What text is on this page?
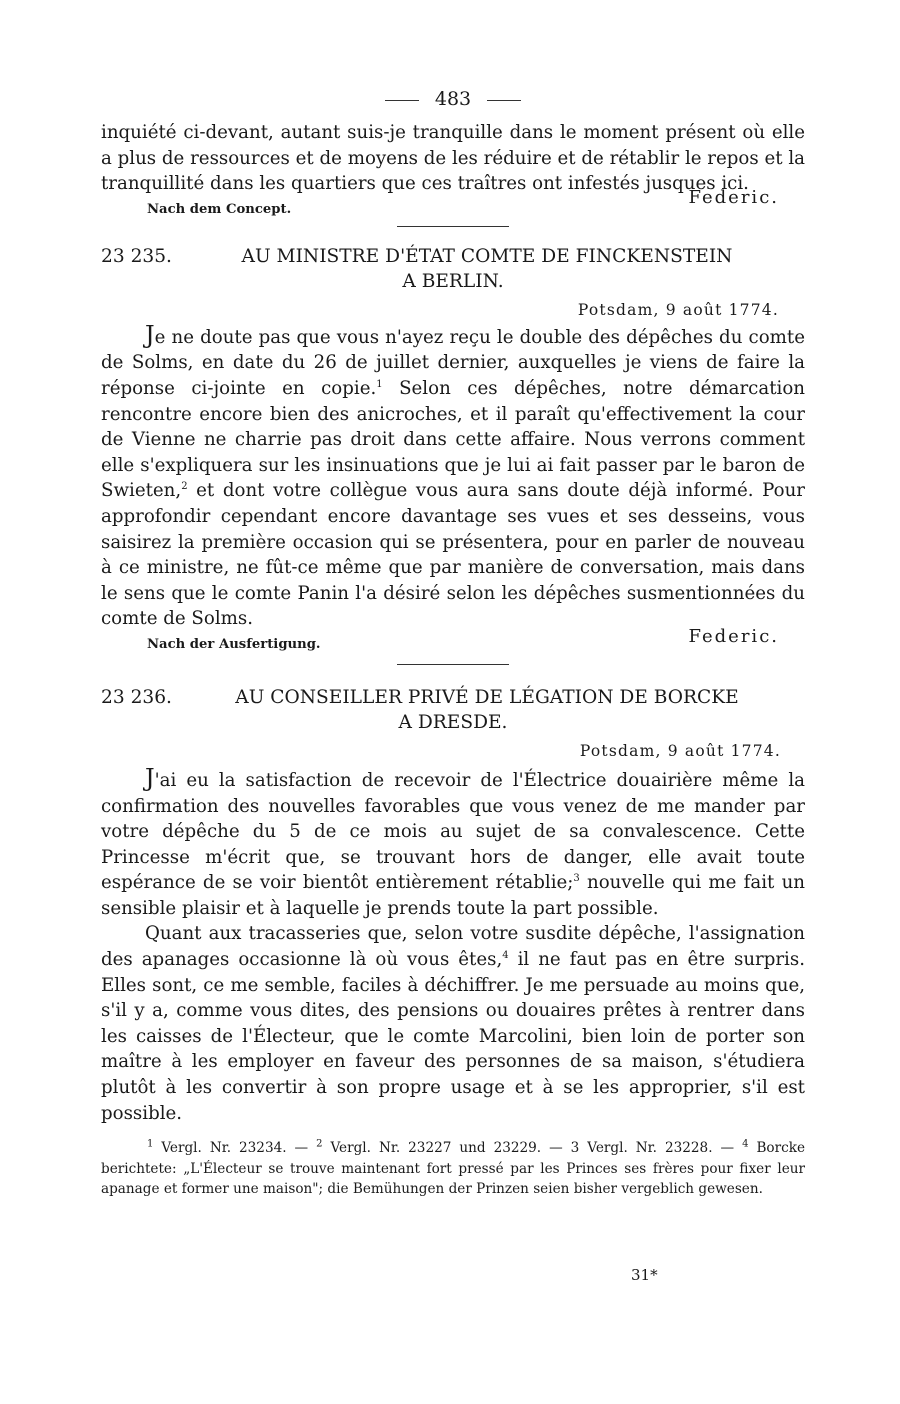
483

inquiété ci-devant, autant suis-je tranquille dans le moment présent où elle a plus de ressources et de moyens de les réduire et de rétablir le repos et la tranquillité dans les quartiers que ces traîtres ont infestés jusques ici.

Nach dem Concept.
Federic.
23 235.	AU MINISTRE D'ÉTAT COMTE DE FINCKENSTEIN
A BERLIN.
Potsdam, 9 août 1774.

Je ne doute pas que vous n'ayez reçu le double des dépêches du comte de Solms, en date du 26 de juillet dernier, auxquelles je viens de faire la réponse ci-jointe en copie.$^1$ Selon ces dépêches, notre démarcation rencontre encore bien des anicroches, et il paraît qu'effectivement la cour de Vienne ne charrie pas droit dans cette affaire. Nous verrons comment elle s'expliquera sur les insinuations que je lui ai fait passer par le baron de Swieten,$^2$ et dont votre collègue vous aura sans doute déjà informé. Pour approfondir cependant encore davantage ses vues et ses desseins, vous saisirez la première occasion qui se présentera, pour en parler de nouveau à ce ministre, ne fût-ce même que par manière de conversation, mais dans le sens que le comte Panin l'a désiré selon les dépêches susmentionnées du comte de Solms.

Nach der Ausfertigung.	Federic.
23 236.	AU CONSEILLER PRIVÉ DE LÉGATION DE BORCKE
A DRESDE.
Potsdam, 9 août 1774.

J'ai eu la satisfaction de recevoir de l'Électrice douairière même la confirmation des nouvelles favorables que vous venez de me mander par votre dépêche du 5 de ce mois au sujet de sa convalescence. Cette Princesse m'écrit que, se trouvant hors de danger, elle avait toute espérance de se voir bientôt entièrement rétablie;$^3$ nouvelle qui me fait un sensible plaisir et à laquelle je prends toute la part possible.

Quant aux tracasseries que, selon votre susdite dépêche, l'assignation des apanages occasionne là où vous êtes,$^4$ il ne faut pas en être surpris. Elles sont, ce me semble, faciles à déchiffrer. Je me persuade au moins que, s'il y a, comme vous dites, des pensions ou douaires prêtes à rentrer dans les caisses de l'Électeur, que le comte Marcolini, bien loin de porter son maître à les employer en faveur des personnes de sa maison, s'étudiera plutôt à les convertir à son propre usage et à se les approprier, s'il est possible.

$^1$ Vergl. Nr. 23234. — $^2$ Vergl. Nr. 23227 und 23229. — 3 Vergl. Nr. 23228. — $^4$ Borcke berichtete: „L'Électeur se trouve maintenant fort pressé par les Princes ses frères pour fixer leur apanage et former une maison"; die Bemühungen der Prinzen seien bisher vergeblich gewesen.
31*
